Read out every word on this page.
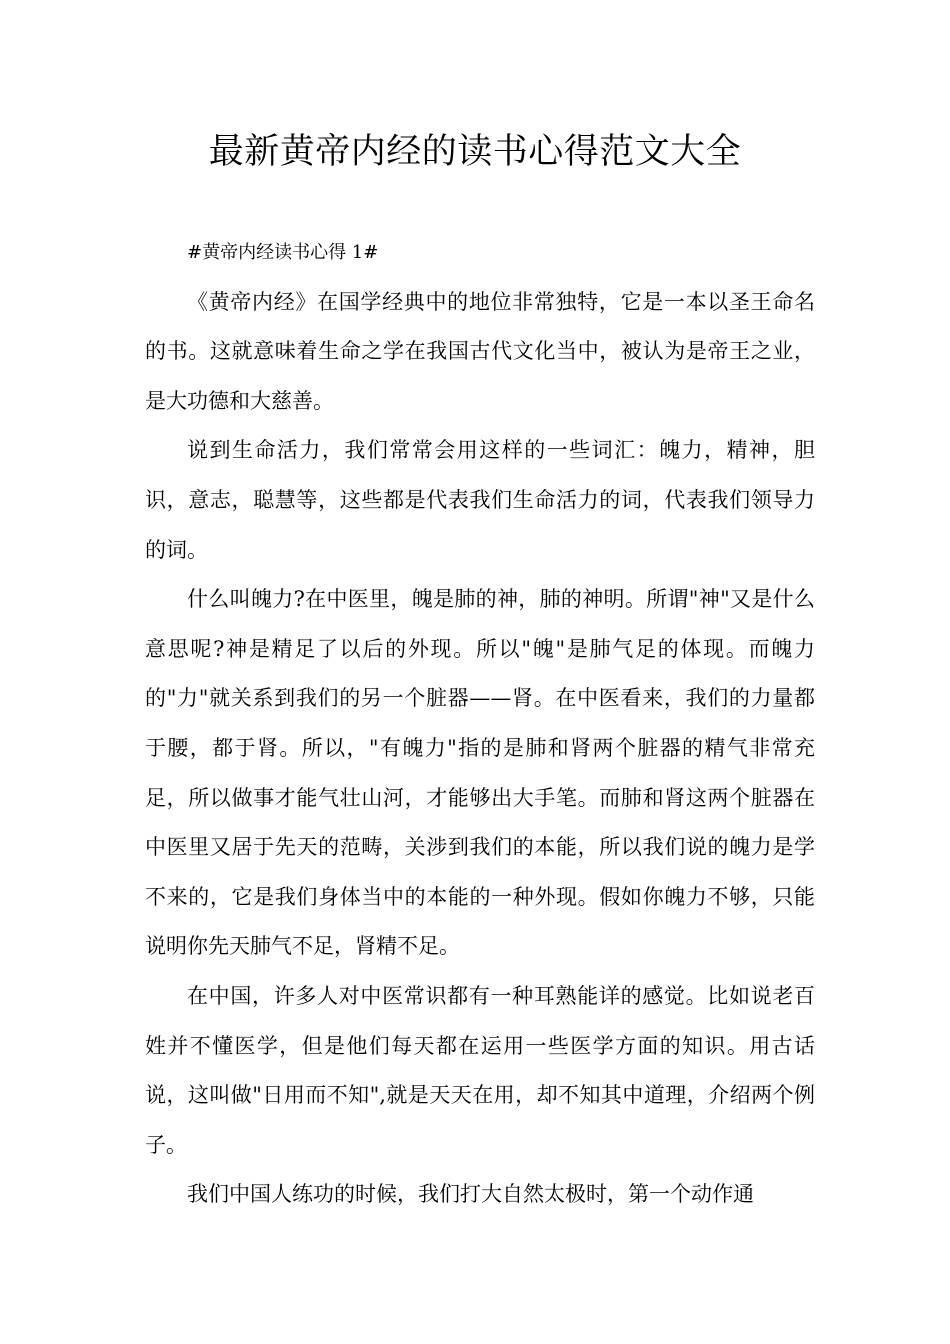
最新黄帝内经的读书心得范文大全

#黄帝内经读书心得 1#

《黄帝内经》在国学经典中的地位非常独特，它是一本以圣王命名的书。这就意味着生命之学在我国古代文化当中，被认为是帝王之业，是大功德和大慈善。

说到生命活力，我们常常会用这样的一些词汇：魄力，精神，胆识，意志，聪慧等，这些都是代表我们生命活力的词，代表我们领导力的词。

什么叫魄力?在中医里，魄是肺的神，肺的神明。所谓"神"又是什么意思呢?神是精足了以后的外现。所以"魄"是肺气足的体现。而魄力的"力"就关系到我们的另一个脏器——肾。在中医看来，我们的力量都于腰，都于肾。所以，"有魄力"指的是肺和肾两个脏器的精气非常充足，所以做事才能气壮山河，才能够出大手笔。而肺和肾这两个脏器在中医里又居于先天的范畴，关涉到我们的本能，所以我们说的魄力是学不来的，它是我们身体当中的本能的一种外现。假如你魄力不够，只能说明你先天肺气不足，肾精不足。

在中国，许多人对中医常识都有一种耳熟能详的感觉。比如说老百姓并不懂医学，但是他们每天都在运用一些医学方面的知识。用古话说，这叫做"日用而不知",就是天天在用，却不知其中道理，介绍两个例子。

我们中国人练功的时候，我们打大自然太极时，第一个动作通
